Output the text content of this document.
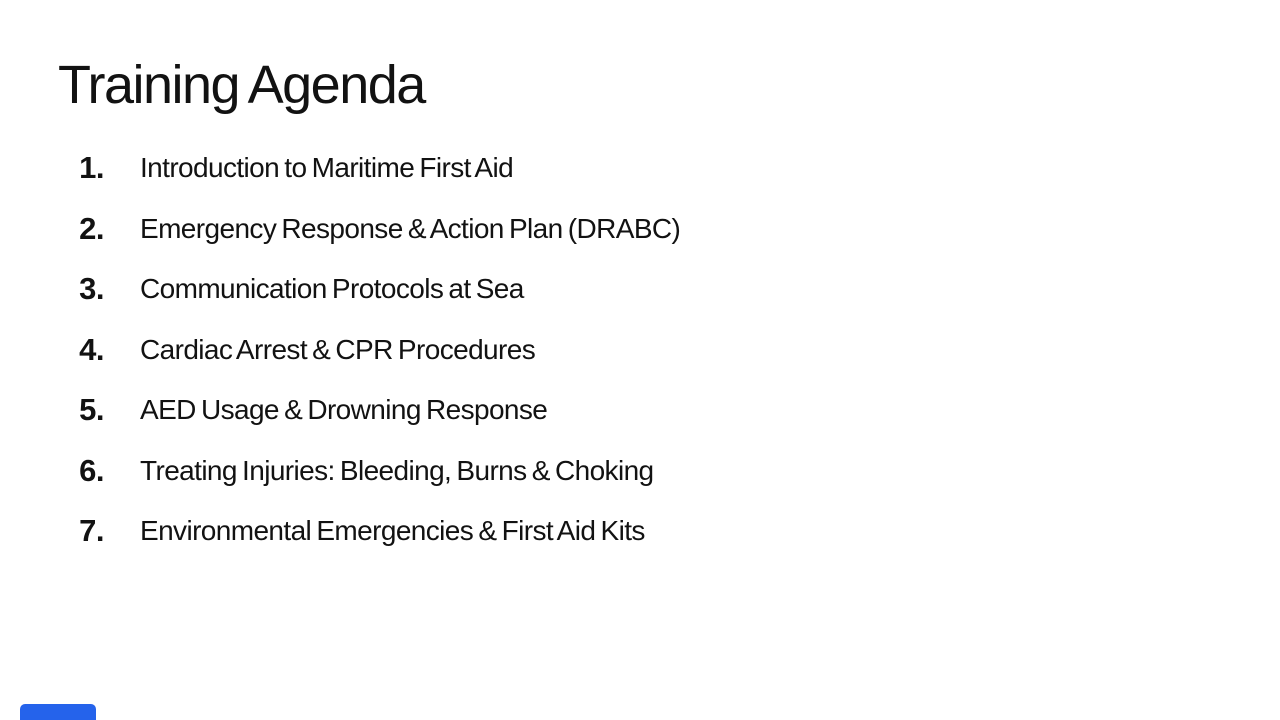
Training Agenda
1. Introduction to Maritime First Aid
2. Emergency Response & Action Plan (DRABC)
3. Communication Protocols at Sea
4. Cardiac Arrest & CPR Procedures
5. AED Usage & Drowning Response
6. Treating Injuries: Bleeding, Burns & Choking
7. Environmental Emergencies & First Aid Kits
